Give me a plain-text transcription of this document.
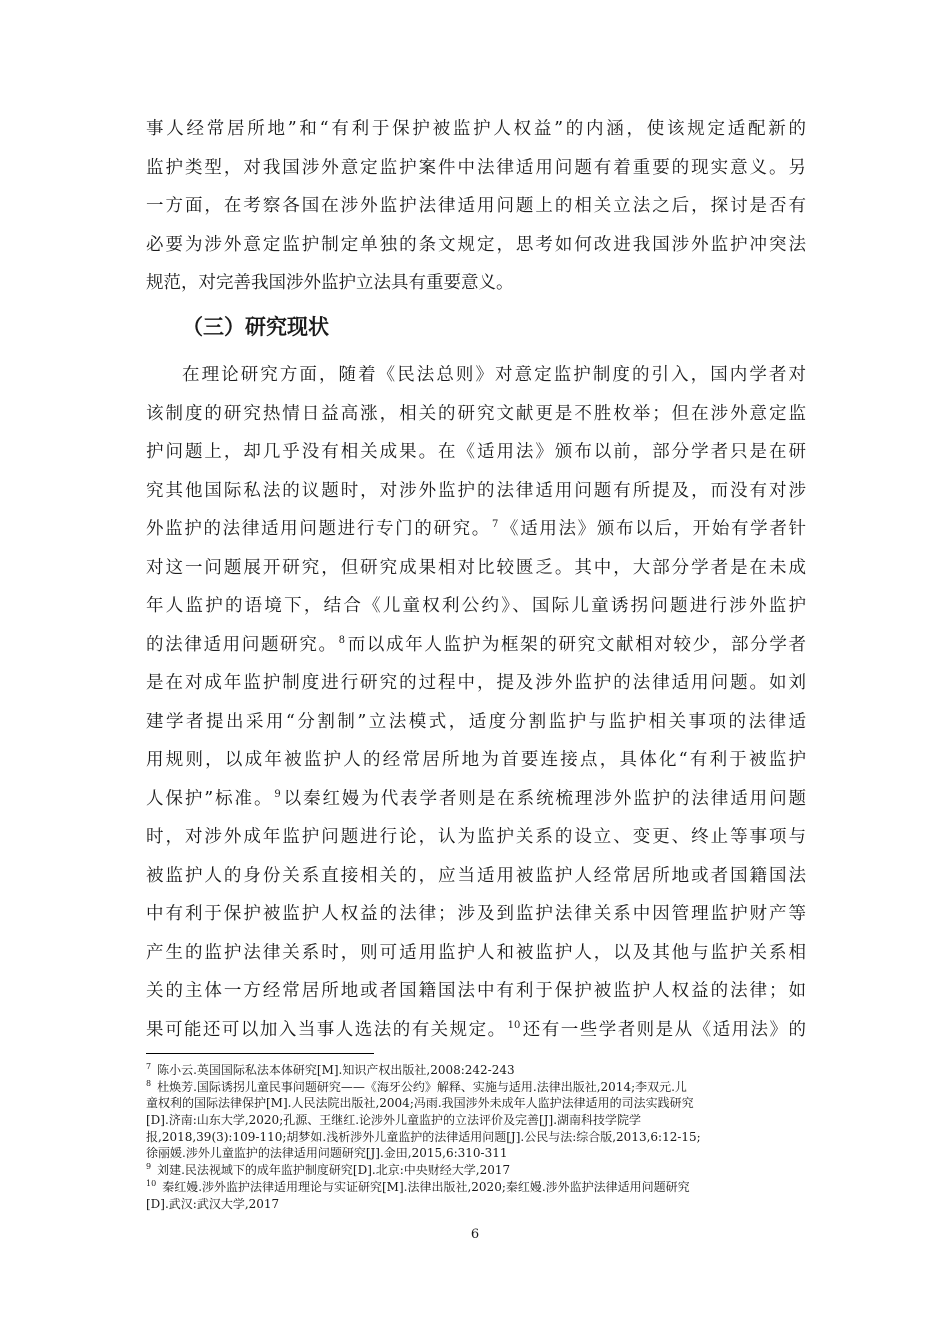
事人经常居所地”和“有利于保护被监护人权益”的内涵，使该规定适配新的
监护类型，对我国涉外意定监护案件中法律适用问题有着重要的现实意义。另
一方面，在考察各国在涉外监护法律适用问题上的相关立法之后，探讨是否有
必要为涉外意定监护制定单独的条文规定，思考如何改进我国涉外监护冲突法
规范，对完善我国涉外监护立法具有重要意义。
（三）研究现状
在理论研究方面，随着《民法总则》对意定监护制度的引入，国内学者对
该制度的研究热情日益高涨，相关的研究文献更是不胜枚举；但在涉外意定监
护问题上，却几乎没有相关成果。在《适用法》颁布以前，部分学者只是在研
究其他国际私法的议题时，对涉外监护的法律适用问题有所提及，而没有对涉
外监护的法律适用问题进行专门的研究。$^7$《适用法》颁布以后，开始有学者针
对这一问题展开研究，但研究成果相对比较匮乏。其中，大部分学者是在未成
年人监护的语境下，结合《儿童权利公约》、国际儿童诱拐问题进行涉外监护
的法律适用问题研究。$^8$而以成年人监护为框架的研究文献相对较少，部分学者
是在对成年监护制度进行研究的过程中，提及涉外监护的法律适用问题。如刘
建学者提出采用“分割制”立法模式，适度分割监护与监护相关事项的法律适
用规则，以成年被监护人的经常居所地为首要连接点，具体化“有利于被监护
人保护”标准。$^9$以秦红嫚为代表学者则是在系统梳理涉外监护的法律适用问题
时，对涉外成年监护问题进行论，认为监护关系的设立、变更、终止等事项与
被监护人的身份关系直接相关的，应当适用被监护人经常居所地或者国籍国法
中有利于保护被监护人权益的法律；涉及到监护法律关系中因管理监护财产等
产生的监护法律关系时，则可适用监护人和被监护人，以及其他与监护关系相
关的主体一方经常居所地或者国籍国法中有利于保护被监护人权益的法律；如
果可能还可以加入当事人选法的有关规定。$^{10}$还有一些学者则是从《适用法》的
$^7$ 陈小云.英国国际私法本体研究[M].知识产权出版社,2008:242-243
$^8$ 杜焕芳.国际诱拐儿童民事问题研究——《海牙公约》解释、实施与适用.法律出版社,2014;李双元.儿
童权利的国际法律保护[M].人民法院出版社,2004;冯雨.我国涉外未成年人监护法律适用的司法实践研究
[D].济南:山东大学,2020;孔源、王继红.论涉外儿童监护的立法评价及完善[J].湖南科技学院学
报,2018,39(3):109-110;胡梦如.浅析涉外儿童监护的法律适用问题[J].公民与法:综合版,2013,6:12-15;
徐丽媛.涉外儿童监护的法律适用问题研究[J].金田,2015,6:310-311
$^9$ 刘建.民法视域下的成年监护制度研究[D].北京:中央财经大学,2017
$^{10}$ 秦红嫚.涉外监护法律适用理论与实证研究[M].法律出版社,2020;秦红嫚.涉外监护法律适用问题研究
[D].武汉:武汉大学,2017
6
